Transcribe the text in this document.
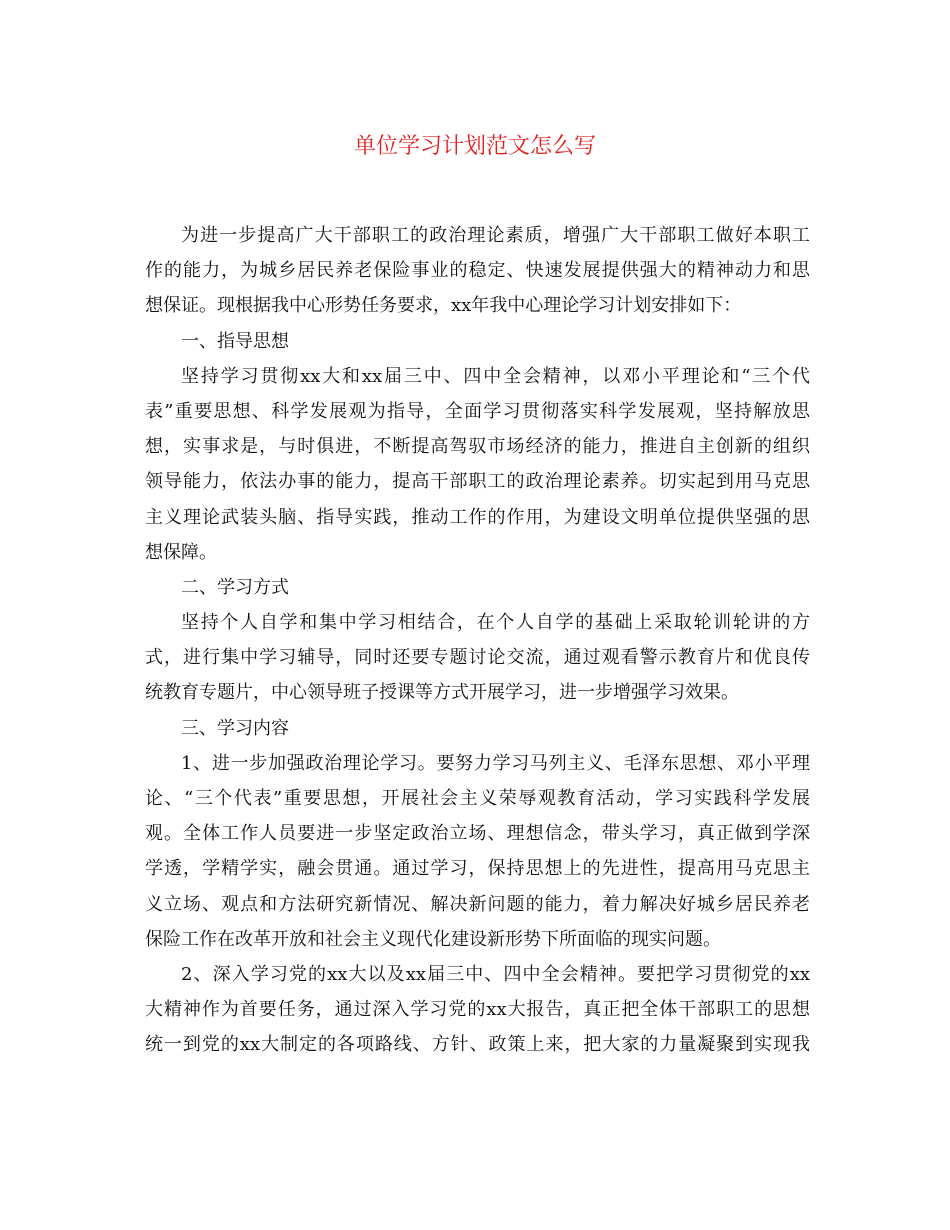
单位学习计划范文怎么写
为进一步提高广大干部职工的政治理论素质，增强广大干部职工做好本职工
作的能力，为城乡居民养老保险事业的稳定、快速发展提供强大的精神动力和思
想保证。现根据我中心形势任务要求，xx年我中心理论学习计划安排如下：
一、指导思想
坚持学习贯彻xx大和xx届三中、四中全会精神，以邓小平理论和“三个代
表”重要思想、科学发展观为指导，全面学习贯彻落实科学发展观，坚持解放思
想，实事求是，与时俱进，不断提高驾驭市场经济的能力，推进自主创新的组织
领导能力，依法办事的能力，提高干部职工的政治理论素养。切实起到用马克思
主义理论武装头脑、指导实践，推动工作的作用，为建设文明单位提供坚强的思
想保障。
二、学习方式
坚持个人自学和集中学习相结合，在个人自学的基础上采取轮训轮讲的方
式，进行集中学习辅导，同时还要专题讨论交流，通过观看警示教育片和优良传
统教育专题片，中心领导班子授课等方式开展学习，进一步增强学习效果。
三、学习内容
1、进一步加强政治理论学习。要努力学习马列主义、毛泽东思想、邓小平理
论、“三个代表”重要思想，开展社会主义荣辱观教育活动，学习实践科学发展
观。全体工作人员要进一步坚定政治立场、理想信念，带头学习，真正做到学深
学透，学精学实，融会贯通。通过学习，保持思想上的先进性，提高用马克思主
义立场、观点和方法研究新情况、解决新问题的能力，着力解决好城乡居民养老
保险工作在改革开放和社会主义现代化建设新形势下所面临的现实问题。
2、深入学习党的xx大以及xx届三中、四中全会精神。要把学习贯彻党的xx
大精神作为首要任务，通过深入学习党的xx大报告，真正把全体干部职工的思想
统一到党的xx大制定的各项路线、方针、政策上来，把大家的力量凝聚到实现我
